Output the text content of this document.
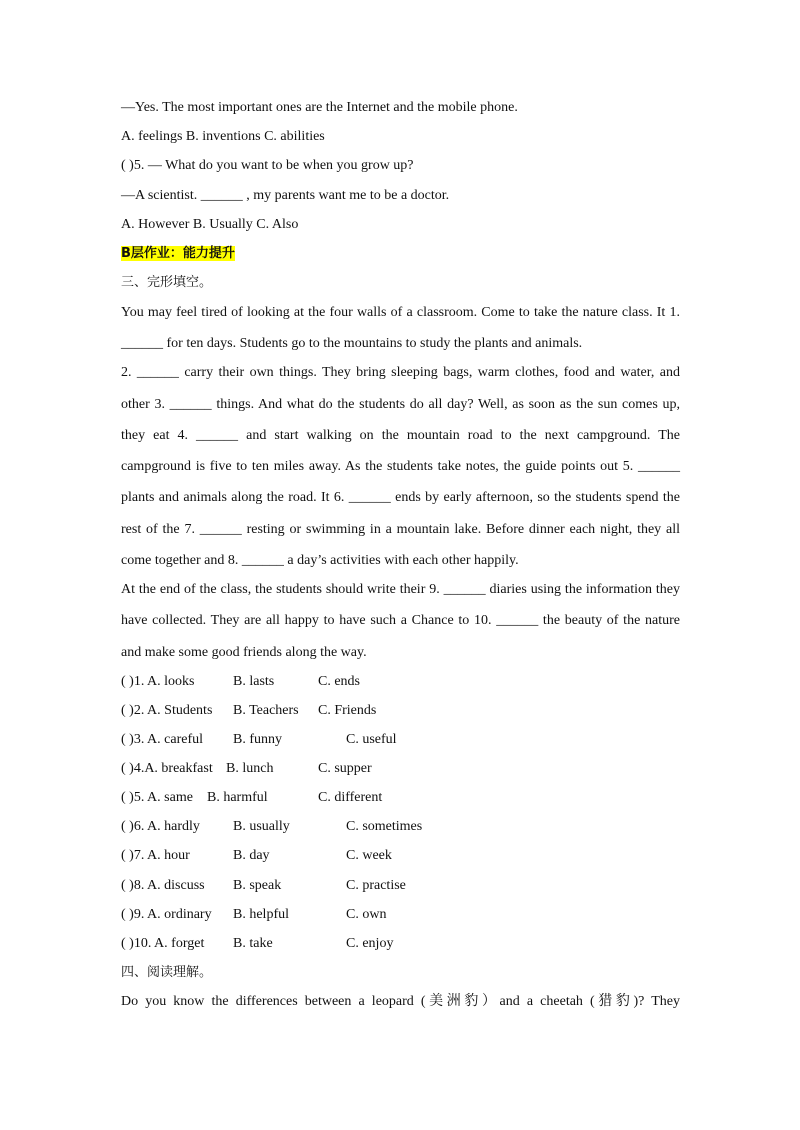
—Yes. The most important ones are the Internet and the mobile phone.
A. feelings B. inventions C. abilities
( )5. — What do you want to be when you grow up?
—A scientist. ______ , my parents want me to be a doctor.
A. However B. Usually C. Also
B层作业：能力提升
三、完形填空。
You may feel tired of looking at the four walls of a classroom. Come to take the nature class. It 1.
______ for ten days. Students go to the mountains to study the plants and animals.
2. ______ carry their own things. They bring sleeping bags, warm clothes, food and water, and
other 3. ______ things. And what do the students do all day? Well, as soon as the sun comes up,
they eat 4. ______ and start walking on the mountain road to the next campground. The
campground is five to ten miles away. As the students take notes, the guide points out 5. ______
plants and animals along the road. It 6. ______ ends by early afternoon, so the students spend the
rest of the 7. ______ resting or swimming in a mountain lake. Before dinner each night, they all
come together and 8. ______ a day’s activities with each other happily.
At the end of the class, the students should write their 9. ______ diaries using the information they
have collected. They are all happy to have such a Chance to 10. ______ the beauty of the nature
and make some good friends along the way.
( )1. A. looks	B. lasts	C. ends
( )2. A. Students B. Teachers C. Friends
( )3. A. careful B. funny	C. useful
( )4.A. breakfast B. lunch	C. supper
( )5. A. same B. harmful	C. different
( )6. A. hardly B. usually	C. sometimes
( )7. A. hour	B. day	C. week
( )8. A. discuss B. speak	C. practise
( )9. A. ordinary B. helpful	C. own
( )10. A. forget B. take	C. enjoy
四、阅读理解。
Do you know the differences between a leopard (美洲豹）and a cheetah (猎豹)? They
